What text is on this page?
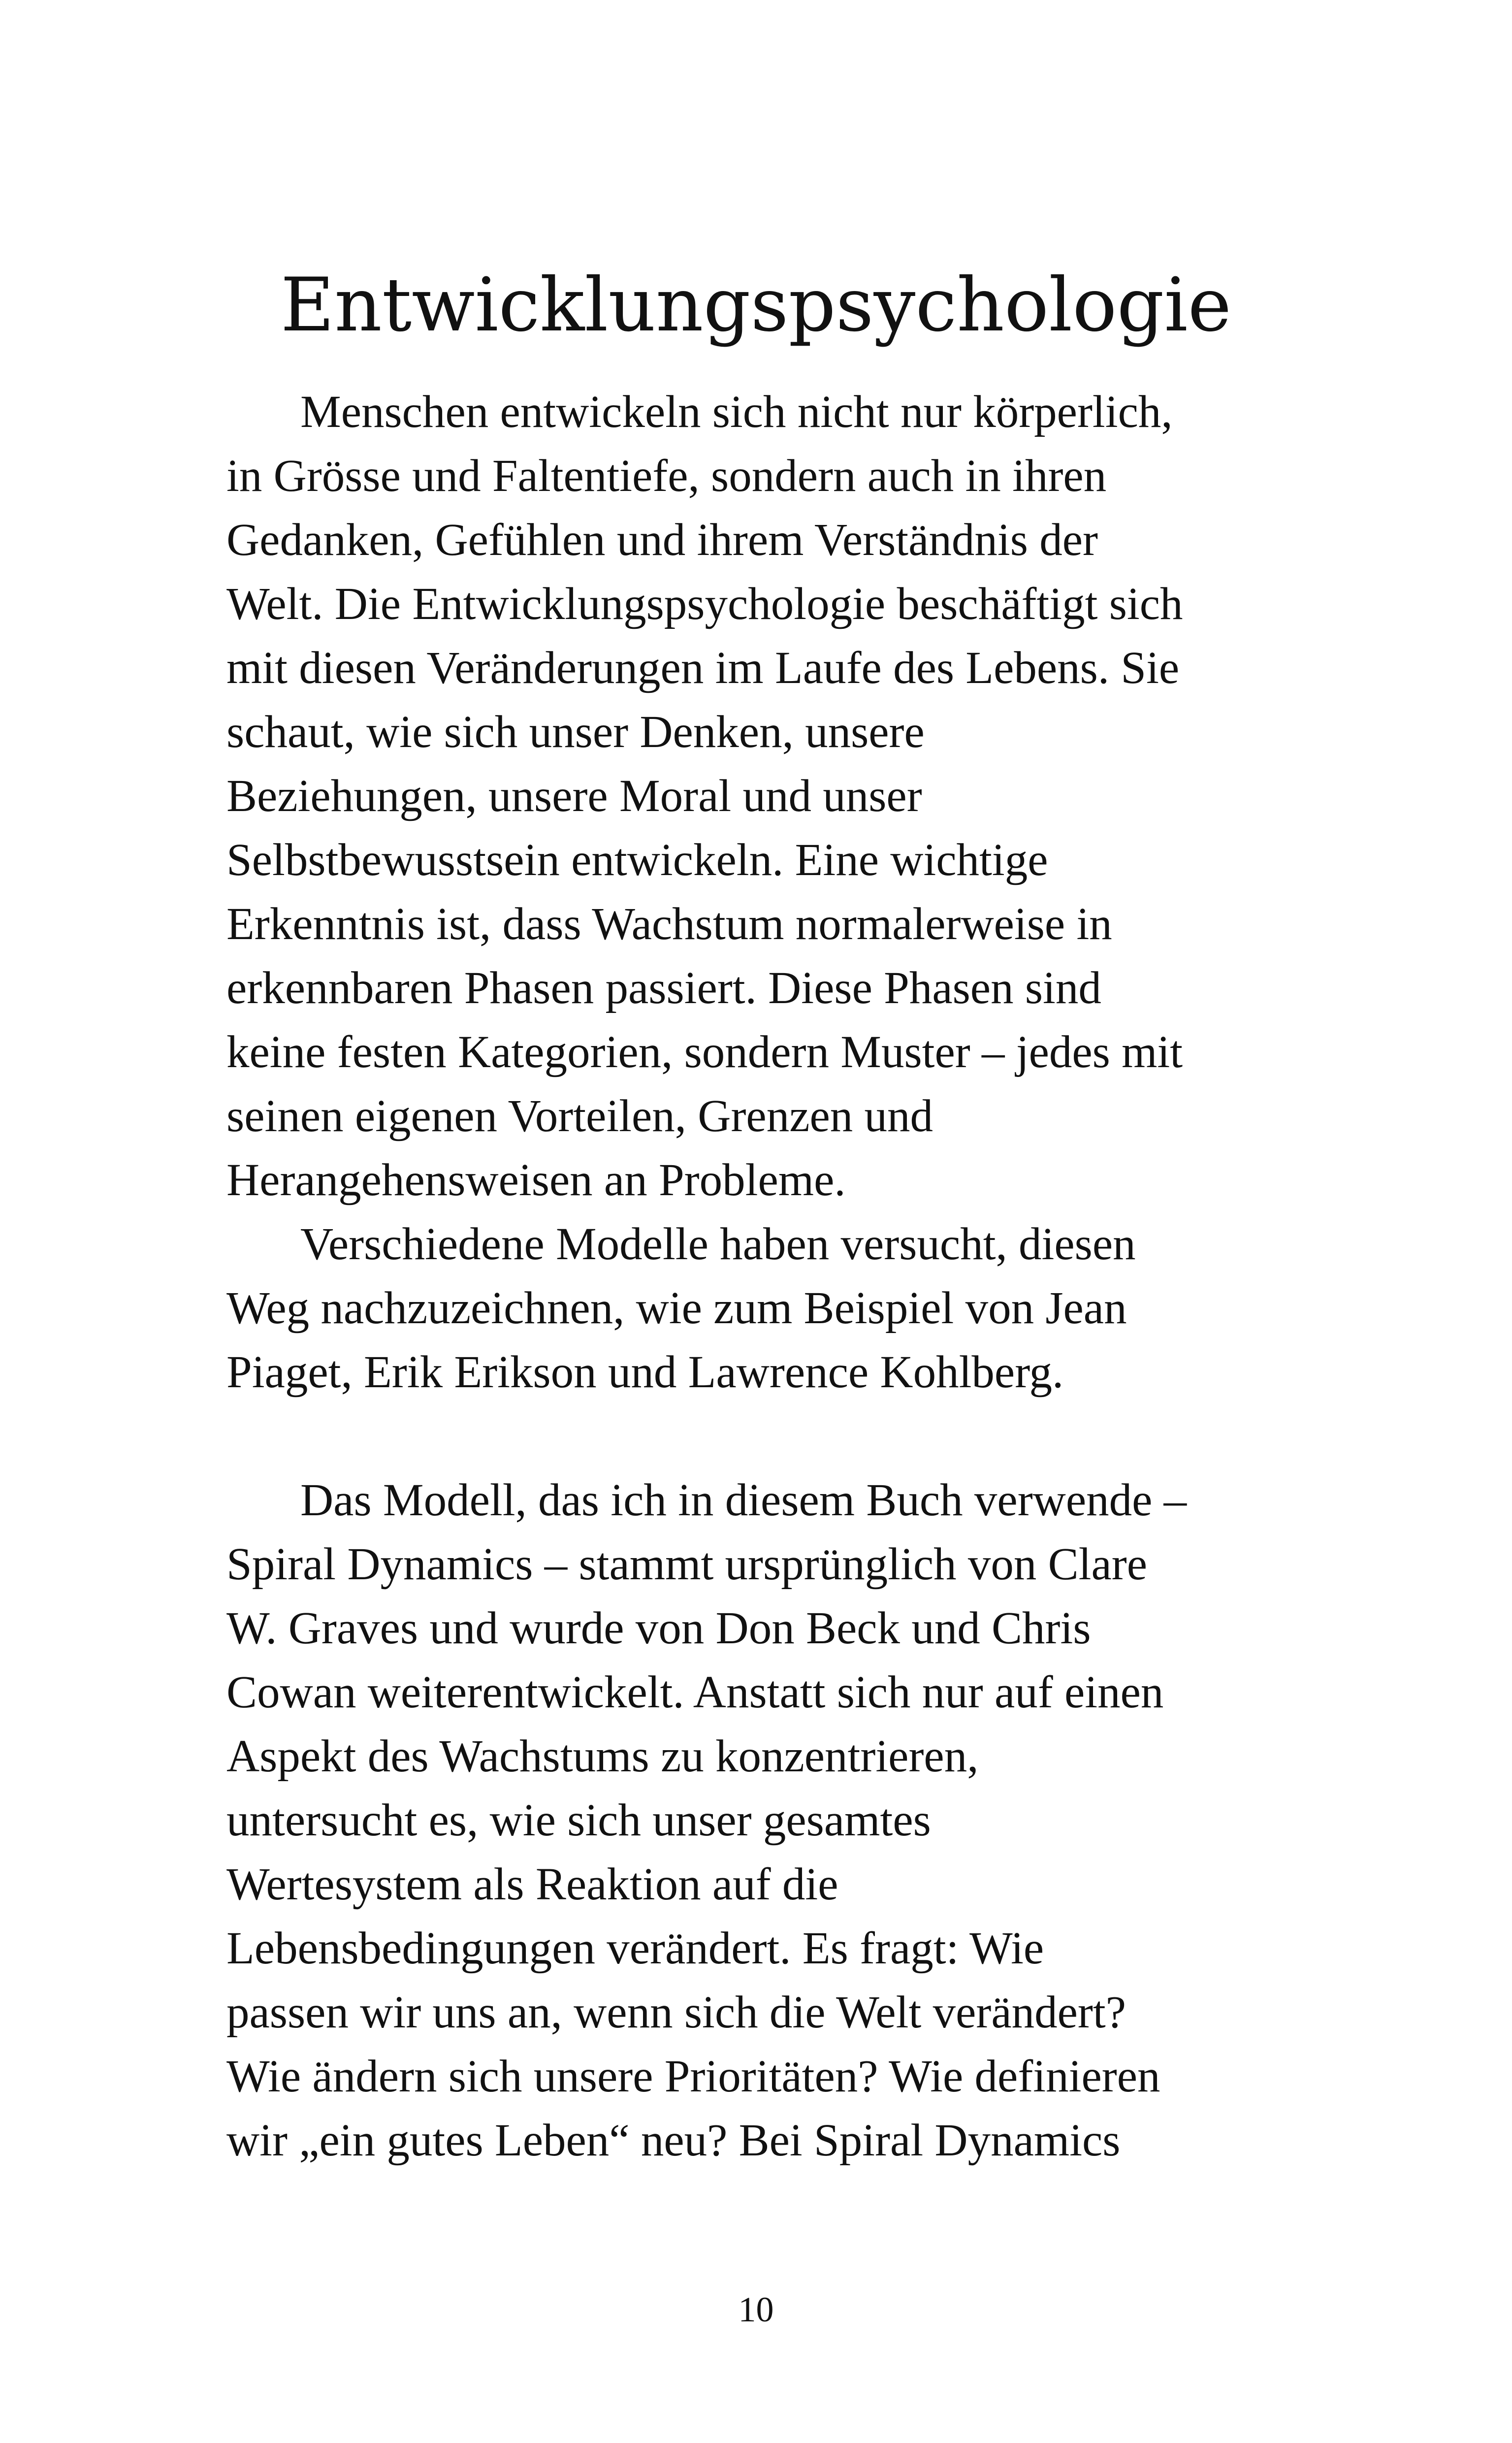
Entwicklungspsychologie
Menschen entwickeln sich nicht nur körperlich,
in Grösse und Faltentiefe, sondern auch in ihren
Gedanken, Gefühlen und ihrem Verständnis der
Welt. Die Entwicklungspsychologie beschäftigt sich
mit diesen Veränderungen im Laufe des Lebens. Sie
schaut, wie sich unser Denken, unsere
Beziehungen, unsere Moral und unser
Selbstbewusstsein entwickeln. Eine wichtige
Erkenntnis ist, dass Wachstum normalerweise in
erkennbaren Phasen passiert. Diese Phasen sind
keine festen Kategorien, sondern Muster – jedes mit
seinen eigenen Vorteilen, Grenzen und
Herangehensweisen an Probleme.
Verschiedene Modelle haben versucht, diesen
Weg nachzuzeichnen, wie zum Beispiel von Jean
Piaget, Erik Erikson und Lawrence Kohlberg.
Das Modell, das ich in diesem Buch verwende –
Spiral Dynamics – stammt ursprünglich von Clare
W. Graves und wurde von Don Beck und Chris
Cowan weiterentwickelt. Anstatt sich nur auf einen
Aspekt des Wachstums zu konzentrieren,
untersucht es, wie sich unser gesamtes
Wertesystem als Reaktion auf die
Lebensbedingungen verändert. Es fragt: Wie
passen wir uns an, wenn sich die Welt verändert?
Wie ändern sich unsere Prioritäten? Wie definieren
wir „ein gutes Leben“ neu? Bei Spiral Dynamics
10
